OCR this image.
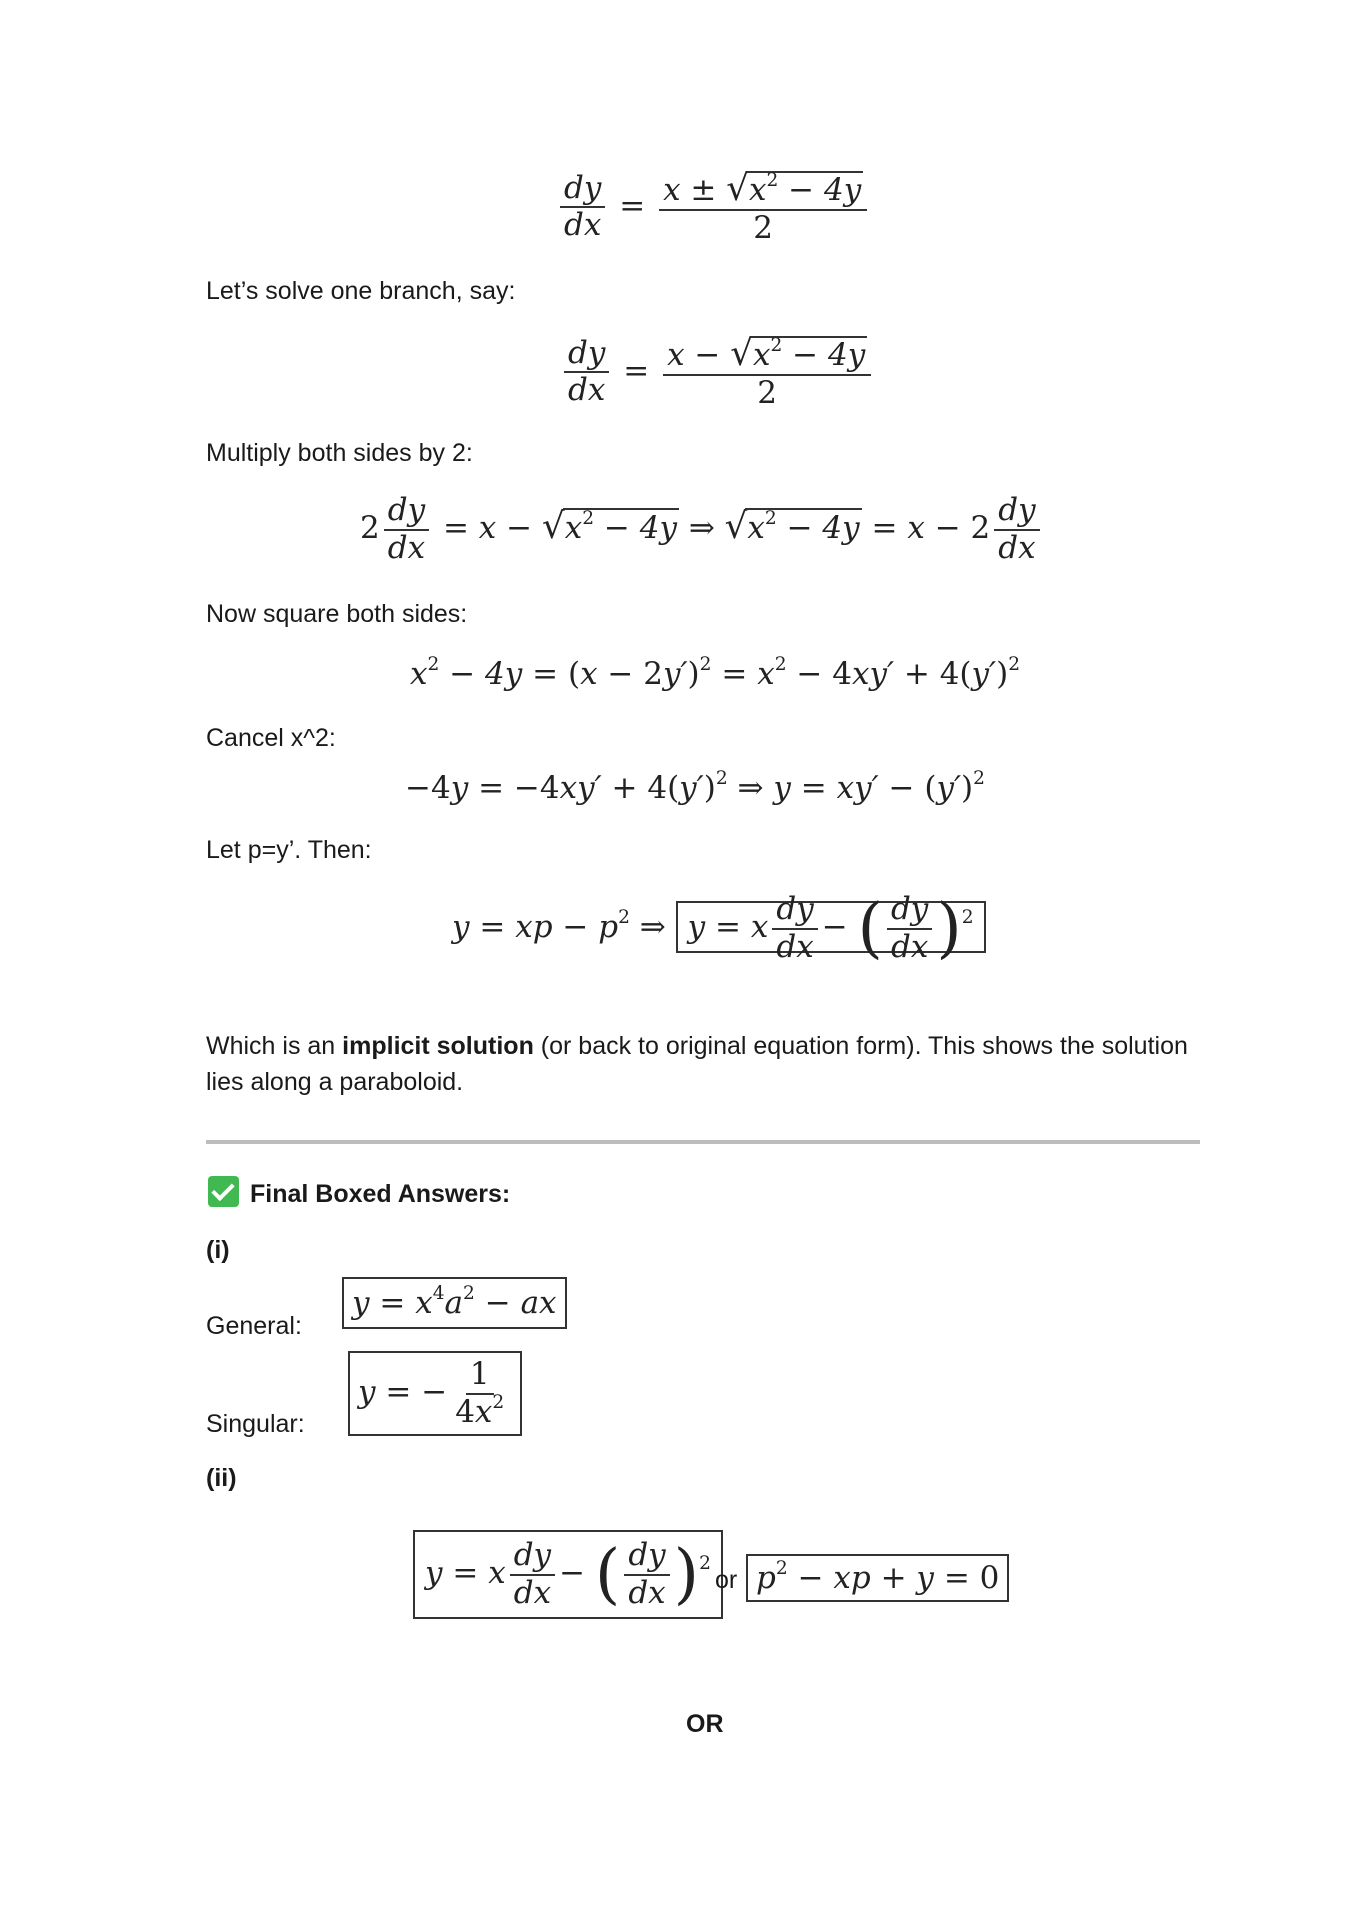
$\frac{dy}{dx} = \frac{x \pm √x^2 - 4y}{2}$
Let’s solve one branch, say:
$\frac{dy}{dx} = \frac{x - √x^2 - 4y}{2}$
Multiply both sides by 2:
$2 \frac{dy}{dx} = x - √x^2 - 4y$ ⇒ $√x^2 - 4y = x - 2 \frac{dy}{dx}$
Now square both sides:
$x^2 - 4y = (x - 2y')^2 = x^2 - 4xy' + 4(y')^2$
Cancel x^2:
$-4y = -4xy' + 4(y')^2$ ⇒ $y = xy' - (y')^2$
Let p=y’. Then:
y = xp − $p^2$ ⇒ y = x $\frac{dy}{dx}$ − ( $\frac{dy}{dx} )^2$
Which is an implicit solution (or back to original equation form). This shows the solution lies along a paraboloid.
Final Boxed Answers:
(i)
General:
$y = x^4a^2$ − ax
Singular:
y = − $\frac{1}{4x^2}$
(ii)
y = x $\frac{dy}{dx}$ − ( $\frac{dy}{dx} )^2$
or $p^2$ − xp + y = 0
OR
